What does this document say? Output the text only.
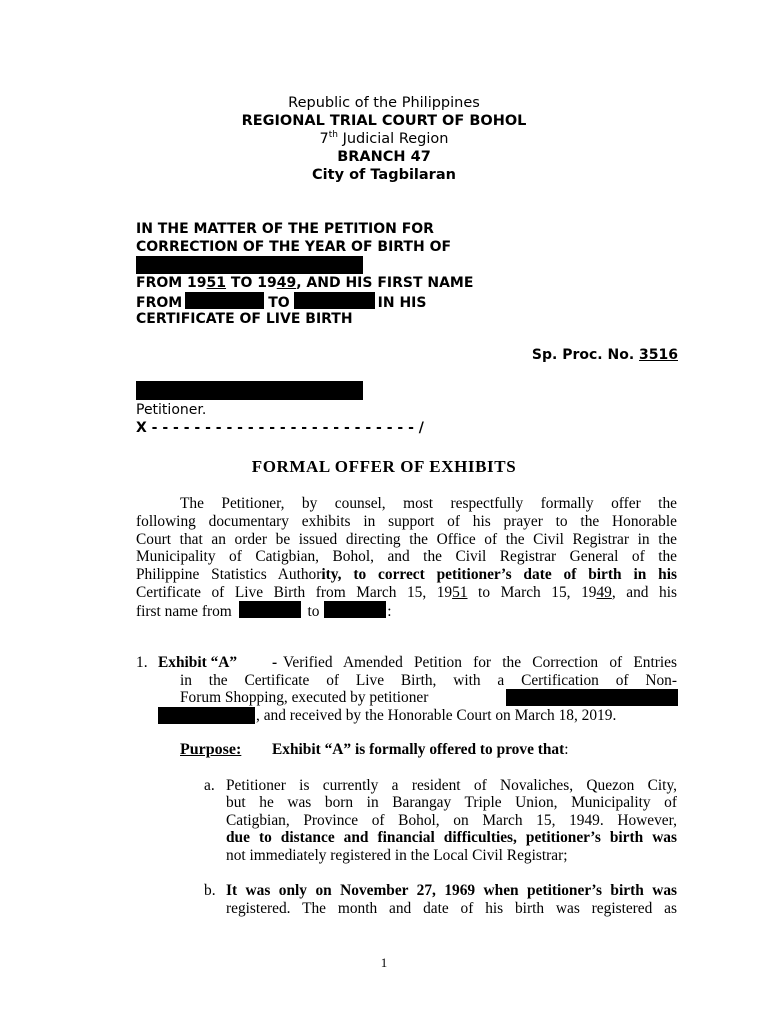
Republic of the Philippines
REGIONAL TRIAL COURT OF BOHOL
7th Judicial Region
BRANCH 47
City of Tagbilaran
IN THE MATTER OF THE PETITION FOR
CORRECTION OF THE YEAR OF BIRTH OF
FROM 1951 TO 1949, AND HIS FIRST NAME
FROM	TO	IN HIS
CERTIFICATE OF LIVE BIRTH
Sp. Proc. No. 3516
Petitioner.
X - - - - - - - - - - - - - - - - - - - - - - - - - /
FORMAL OFFER OF EXHIBITS
The Petitioner, by counsel, most respectfully formally offer the
following documentary exhibits in support of his prayer to the Honorable
Court that an order be issued directing the Office of the Civil Registrar in the
Municipality of Catigbian, Bohol, and the Civil Registrar General of the
Philippine Statistics Authority, to correct petitioner’s date of birth in his
Certificate of Live Birth from March 15, 1951 to March 15, 1949, and his
first name from	to	:
1. Exhibit “A” - Verified Amended Petition for the Correction of Entries
in the Certificate of Live Birth, with a Certification of Non-
Forum Shopping, executed by petitioner
, and received by the Honorable Court on March 18, 2019.
Purpose: Exhibit “A” is formally offered to prove that:
a. Petitioner is currently a resident of Novaliches, Quezon City,
but he was born in Barangay Triple Union, Municipality of
Catigbian, Province of Bohol, on March 15, 1949. However,
due to distance and financial difficulties, petitioner’s birth was
not immediately registered in the Local Civil Registrar;
b. It was only on November 27, 1969 when petitioner’s birth was
registered. The month and date of his birth was registered as
1
